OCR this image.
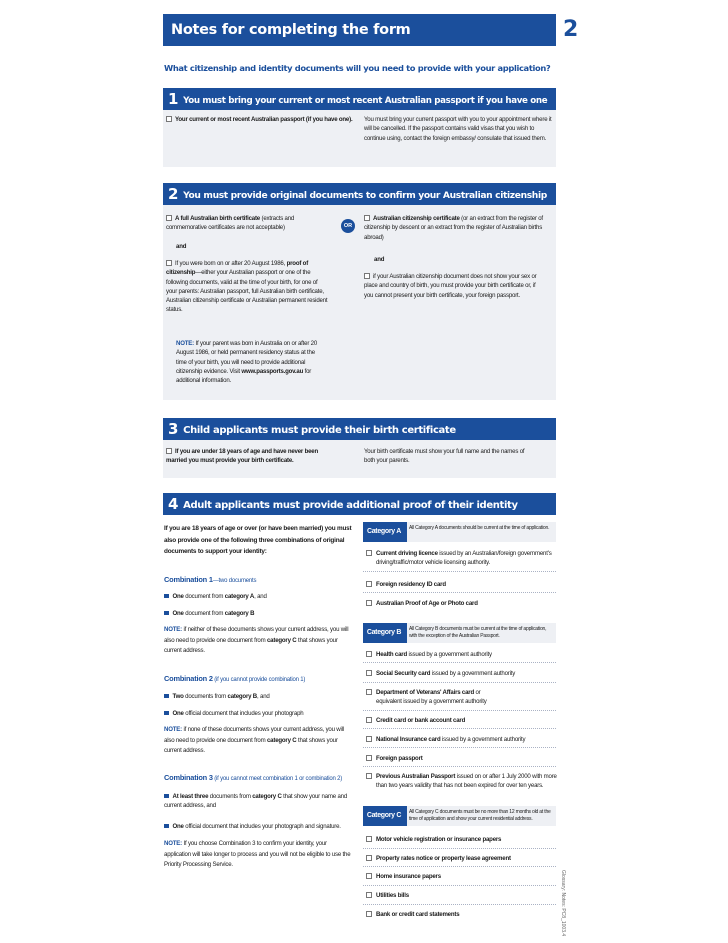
Notes for completing the form	2
What citizenship and identity documents will you need to provide with your application?
1 You must bring your current or most recent Australian passport if you have one
Your current or most recent Australian passport (if you have one).	You must bring your current passport with you to your appointment where it will be cancelled. If the passport contains valid visas that you wish to continue using, contact the foreign embassy/ consulate that issued them.
2 You must provide original documents to confirm your Australian citizenship
A full Australian birth certificate (extracts and commemorative certificates are not acceptable)
and
If you were born on or after 20 August 1986, proof of citizenship—either your Australian passport or one of the following documents, valid at the time of your birth, for one of your parents: Australian passport, full Australian birth certificate, Australian citizenship certificate or Australian permanent resident status.
NOTE: If your parent was born in Australia on or after 20 August 1986, or held permanent residency status at the time of your birth, you will need to provide additional citizenship evidence. Visit www.passports.gov.au for additional information.
OR
Australian citizenship certificate (or an extract from the register of citizenship by descent or an extract from the register of Australian births abroad)
and
if your Australian citizenship document does not show your sex or place and country of birth, you must provide your birth certificate or, if you cannot present your birth certificate, your foreign passport.
3 Child applicants must provide their birth certificate
If you are under 18 years of age and have never been married you must provide your birth certificate.
Your birth certificate must show your full name and the names of both your parents.
4 Adult applicants must provide additional proof of their identity
If you are 18 years of age or over (or have been married) you must also provide one of the following three combinations of original documents to support your identity:
Combination 1—two documents
One document from category A, and
One document from category B
NOTE: if neither of these documents shows your current address, you will also need to provide one document from category C that shows your current address.
Combination 2 (if you cannot provide combination 1)
Two documents from category B, and
One official document that includes your photograph
NOTE: if none of these documents shows your current address, you will also need to provide one document from category C that shows your current address.
Combination 3 (if you cannot meet combination 1 or combination 2)
At least three documents from category C that show your name and current address, and
One official document that includes your photograph and signature.
NOTE: If you choose Combination 3 to confirm your identity, your application will take longer to process and you will not be eligible to use the Priority Processing Service.
Category A	All Category A documents should be current at the time of application.
Current driving licence issued by an Australian/foreign government's driving/traffic/motor vehicle licensing authority.
Foreign residency ID card
Australian Proof of Age or Photo card
Category B	All Category B documents must be current at the time of application, with the exception of the Australian Passport.
Health card issued by a government authority
Social Security card issued by a government authority
Department of Veterans' Affairs card or equivalent issued by a government authority
Credit card or bank account card
National Insurance card issued by a government authority
Foreign passport
Previous Australian Passport issued on or after 1 July 2000 with more than two years validity that has not been expired for over ten years.
Category C	All Category C documents must be no more than 12 months old at the time of application and show your current residential address.
Motor vehicle registration or insurance papers
Property rates notice or property lease agreement
Home insurance papers
Utilities bills
Bank or credit card statements	Glossary: Notes: PC8_1003.4
